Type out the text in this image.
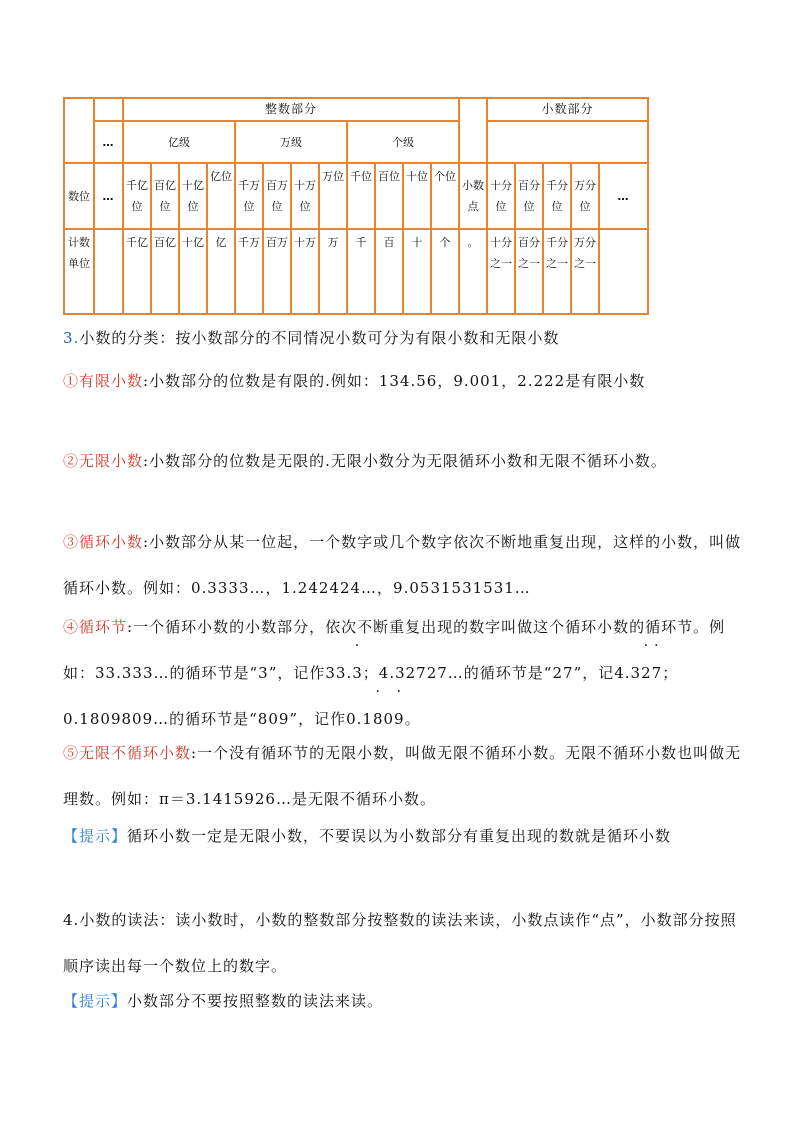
		整数部分													小数部分				
	…	亿级				万级				个级									
数位	…	千亿位	百亿位	十亿位	亿位	千万位	百万位	十万位	万位	千位	百位	十位	个位	小数点	十分位	百分位	千分位	万分位	…
计数单位		千亿	百亿	十亿	亿	千万	百万	十万	万	千	百	十	个	。	十分之一	百分之一	千分之一	万分之一	
3.小数的分类：按小数部分的不同情况小数可分为有限小数和无限小数
①有限小数:小数部分的位数是有限的.例如：134.56，9.001，2.222是有限小数
②无限小数:小数部分的位数是无限的.无限小数分为无限循环小数和无限不循环小数。
③循环小数:小数部分从某一位起，一个数字或几个数字依次不断地重复出现，这样的小数，叫做循环小数。例如：0.3333…，1.242424…，9.0531531531…
④循环节:一个循环小数的小数部分，依次不断重复出现的数字叫做这个循环小数的循环节。例如：33.333…的循环节是“3”，记作33.· 3；4.32727…的循环节是“27”，记4.3· 2· 7；0.1809809…的循环节是“809”，记作0.1· 80· 9。
⑤无限不循环小数:一个没有循环节的无限小数，叫做无限不循环小数。无限不循环小数也叫做无理数。例如：π＝3.1415926…是无限不循环小数。
【提示】循环小数一定是无限小数，不要误以为小数部分有重复出现的数就是循环小数
4.小数的读法：读小数时，小数的整数部分按整数的读法来读，小数点读作“点”，小数部分按照顺序读出每一个数位上的数字。
【提示】小数部分不要按照整数的读法来读。
